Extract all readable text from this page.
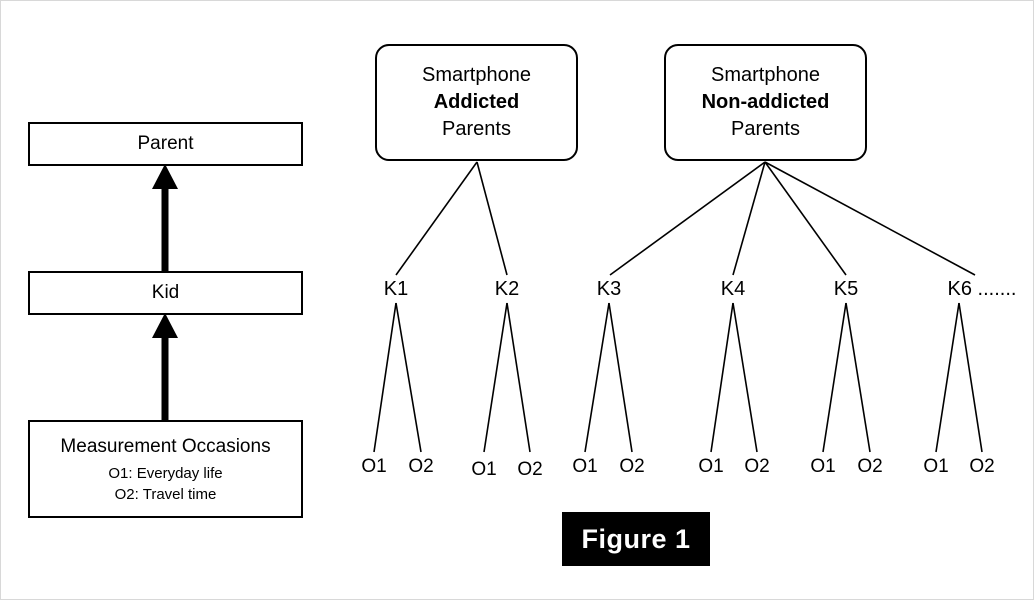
Parent
Kid
Measurement Occasions
O1: Everyday life
O2: Travel time
Smartphone
Addicted
Parents
Smartphone
Non-addicted
Parents
K1	K2	K3	K4	K5	K6 .......
O1 O2 O1 O2 O1 O2	O1 O2 O1 O2 O1 O2
Figure 1
